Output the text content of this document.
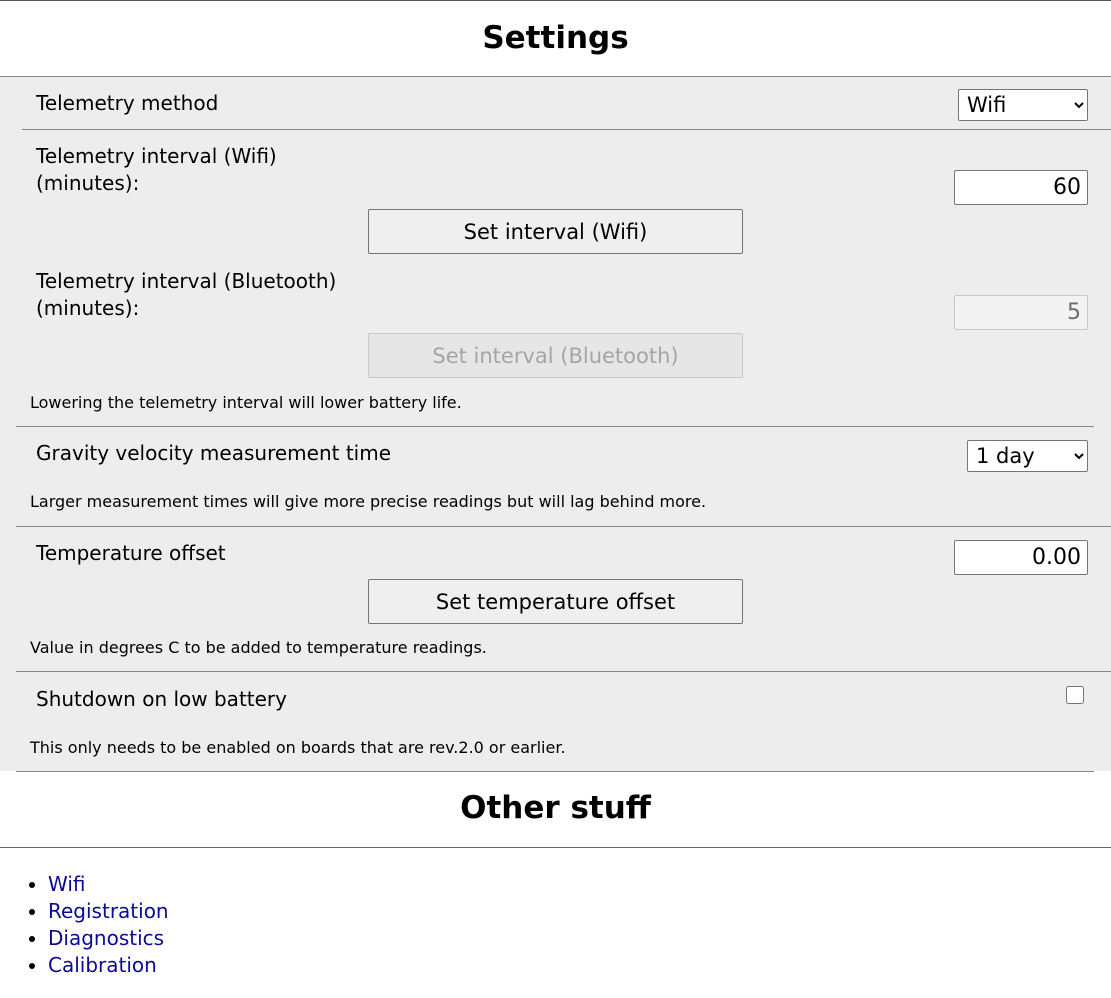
Settings
Telemetry method
Wifi
Telemetry interval (Wifi)
(minutes):
60
Set interval (Wifi)
Telemetry interval (Bluetooth)
(minutes):
5
Set interval (Bluetooth)
Lowering the telemetry interval will lower battery life.
Gravity velocity measurement time
1 day
Larger measurement times will give more precise readings but will lag behind more.
Temperature offset
0.00
Set temperature offset
Value in degrees C to be added to temperature readings.
Shutdown on low battery
This only needs to be enabled on boards that are rev.2.0 or earlier.
Other stuff
• Wifi
• Registration
• Diagnostics
• Calibration
